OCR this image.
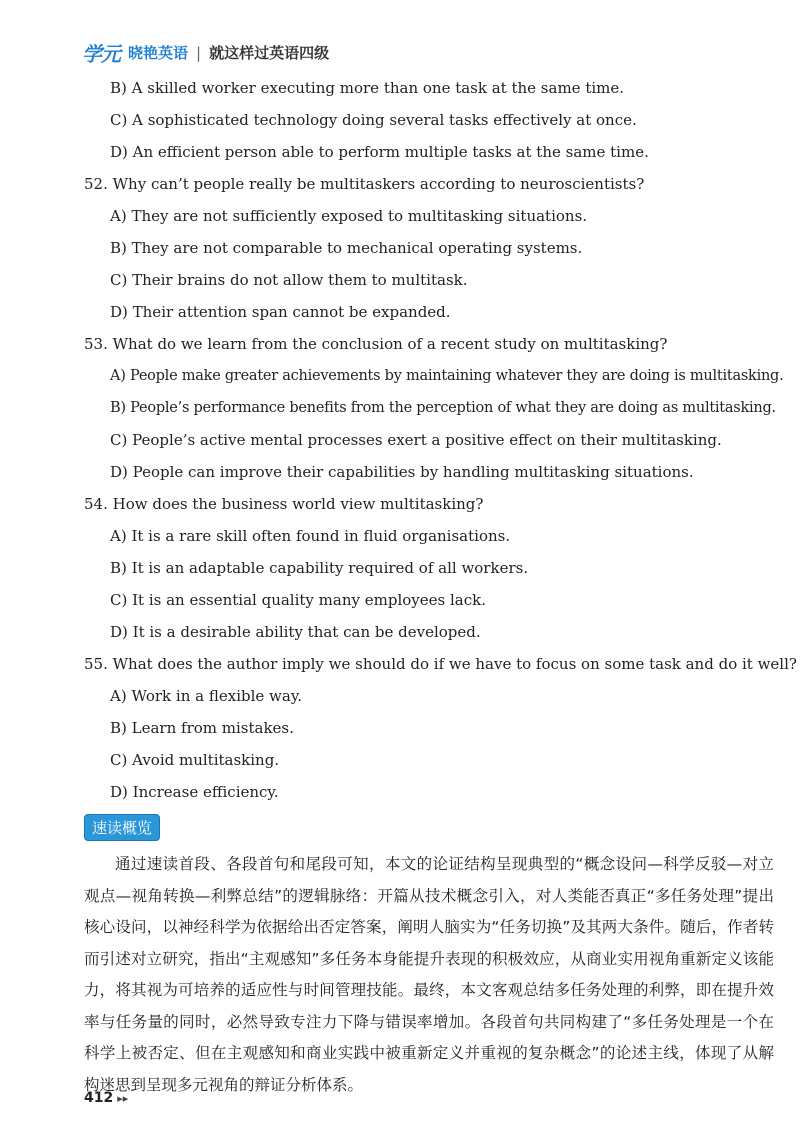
学元 晓艳英语 | 就这样过英语四级
B) A skilled worker executing more than one task at the same time.
C) A sophisticated technology doing several tasks effectively at once.
D) An efficient person able to perform multiple tasks at the same time.
52. Why can’t people really be multitaskers according to neuroscientists?
A) They are not sufficiently exposed to multitasking situations.
B) They are not comparable to mechanical operating systems.
C) Their brains do not allow them to multitask.
D) Their attention span cannot be expanded.
53. What do we learn from the conclusion of a recent study on multitasking?
A) People make greater achievements by maintaining whatever they are doing is multitasking.
B) People’s performance benefits from the perception of what they are doing as multitasking.
C) People’s active mental processes exert a positive effect on their multitasking.
D) People can improve their capabilities by handling multitasking situations.
54. How does the business world view multitasking?
A) It is a rare skill often found in fluid organisations.
B) It is an adaptable capability required of all workers.
C) It is an essential quality many employees lack.
D) It is a desirable ability that can be developed.
55. What does the author imply we should do if we have to focus on some task and do it well?
A) Work in a flexible way.
B) Learn from mistakes.
C) Avoid multitasking.
D) Increase efficiency.
速读概览
通过速读首段、各段首句和尾段可知，本文的论证结构呈现典型的“概念设问—科学反驳—对立观点—视角转换—利弊总结”的逻辑脉络：开篇从技术概念引入，对人类能否真正“多任务处理”提出核心设问，以神经科学为依据给出否定答案，阐明人脑实为“任务切换”及其两大条件。随后，作者转而引述对立研究，指出“主观感知”多任务本身能提升表现的积极效应，从商业实用视角重新定义该能力，将其视为可培养的适应性与时间管理技能。最终，本文客观总结多任务处理的利弊，即在提升效率与任务量的同时，必然导致专注力下降与错误率增加。各段首句共同构建了“多任务处理是一个在科学上被否定、但在主观感知和商业实践中被重新定义并重视的复杂概念”的论述主线，体现了从解构迷思到呈现多元视角的辩证分析体系。
412 ▸▸
